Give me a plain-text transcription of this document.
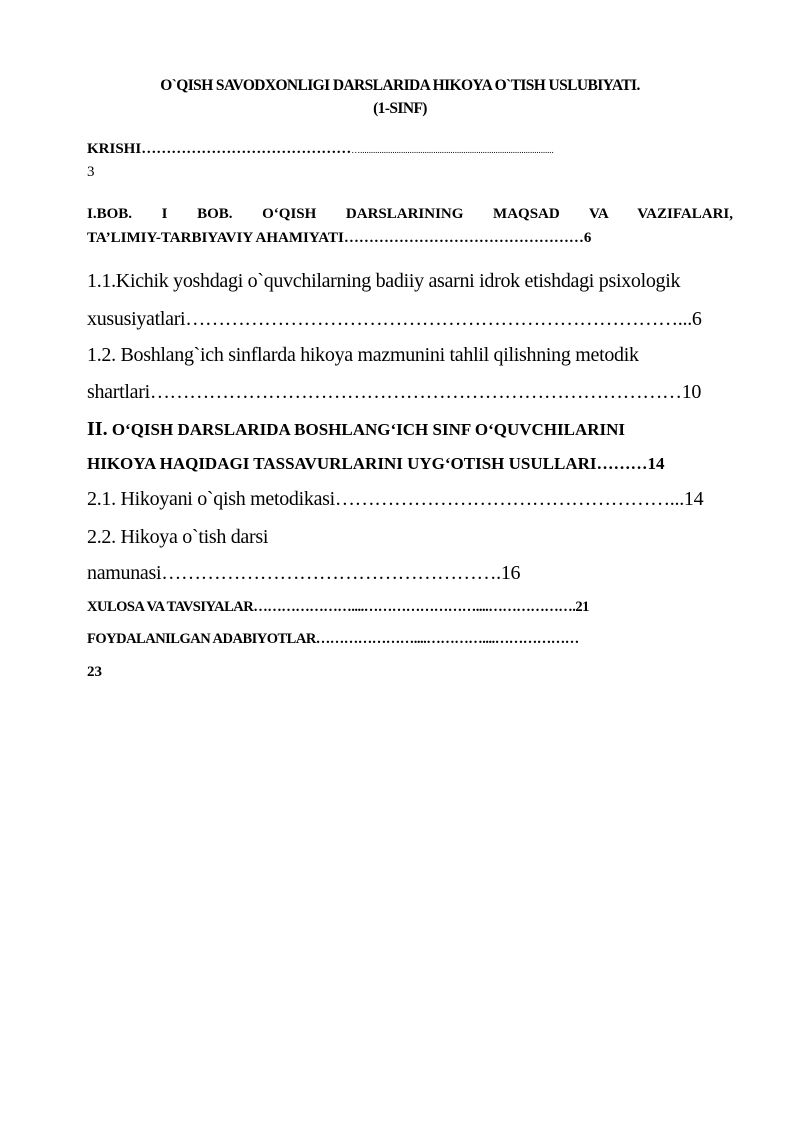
O`QISH SAVODXONLIGI DARSLARIDA HIKOYA O`TISH USLUBIYATI.
(1-SINF)
KRISHI………………………………………..........................................................................................
3
I.BOB. I BOB. O‘QISH DARSLARINING MAQSAD VA VAZIFALARI,
TA’LIMIY-TARBIYAVIY AHAMIYATI…………………………………………6
1.1.Kichik yoshdagi o`quvchilarning badiiy asarni idrok etishdagi psixologik
xususiyatlari…………………………………………………………………...6
1.2. Boshlang`ich sinflarda hikoya mazmunini tahlil qilishning metodik
shartlari………………………………………………………………………10
II. O‘QISH DARSLARIDA BOSHLANG‘ICH SINF O‘QUVCHILARINI
HIKOYA HAQIDAGI TASSAVURLARINI UYG‘OTISH USULLARI………14
2.1. Hikoyani o`qish metodikasi……………………………………………...14
2.2. Hikoya o`tish darsi
namunasi…………………………………………….16
XULOSA VA TAVSIYALAR…………………....……………………....……………….21
FOYDALANILGAN ADABIYOTLAR…………………....…………....………………
23
